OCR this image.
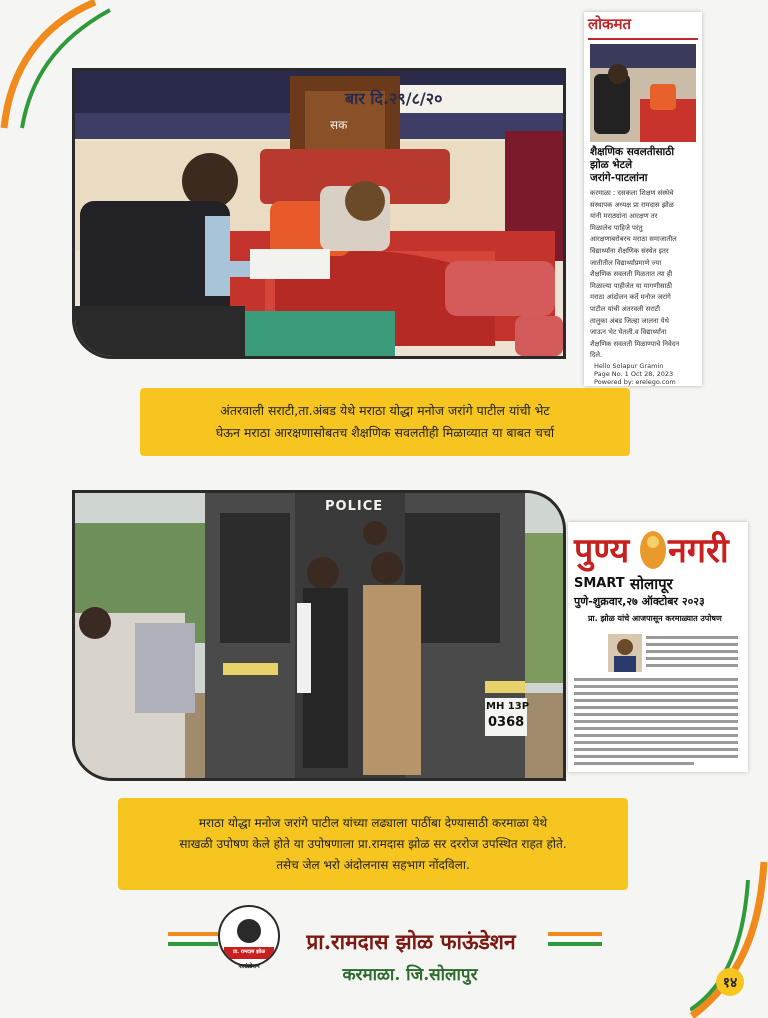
बार दि.२९/८/२०
सक
लोकमत
शैक्षणिक सवलतीसाठी
झोळ भेटले
जरांगे-पाटलांना
करमाळा : दसकला शिक्षण संस्थेचे
संस्थापक अध्यक्ष प्रा रामदास झोळ
यांनी मराठ्यांना आरक्षण तर
मिळालेच पाहिजे परंतु
आरक्षणाबरोबरच मराठा समाजातील
विद्यार्थ्यांना शैक्षणिक संस्थेत इतर
जातीतील विद्यार्थ्यांप्रमाणे ज्या
शैक्षणिक सवलती मिळतात त्या ही
मिळाल्या पाहीजेत या मागणीसाठी
मराठा आंदोलन कर्ते मनोज जरांगे
पाटील यांची अंतरवली सराटी
तालुका अंबड जिल्हा जालना येथे
जाऊन भेट घेतली.व विद्यार्थ्यांना
शैक्षणिक सवलती मिळाण्याचे निवेदन
दिले.
Hello Solapur Gramin
Page No. 1 Oct 28, 2023
Powered by: erelego.com
अंतरवाली सराटी,ता.अंबड येथे मराठा योद्धा मनोज जरांगे पाटील यांची भेट
घेऊन मराठा आरक्षणासोबतच शैक्षणिक सवलतीही मिळाव्यात या बाबत चर्चा
POLICE
MH 13P
0368
पुण्य नगरी
SMART सोलापूर
पुणे-शुक्रवार,२७ ऑक्टोबर २०२३
प्रा. झोळ यांचे आजपासून करमाळ्यात उपोषण
मराठा योद्धा मनोज जरांगे पाटील यांच्या लढ्याला पाठींबा देण्यासाठी करमाळा येथे
साखळी उपोषण केले होते या उपोषणाला प्रा.रामदास झोळ सर दररोज उपस्थित राहत होते.
तसेच जेल भरो अंदोलनास सहभाग नोंदविला.
प्रा. रामदास झोळ
फाऊंडेशन
प्रा.रामदास झोळ फाऊंडेशन
करमाळा. जि.सोलापुर	१४
